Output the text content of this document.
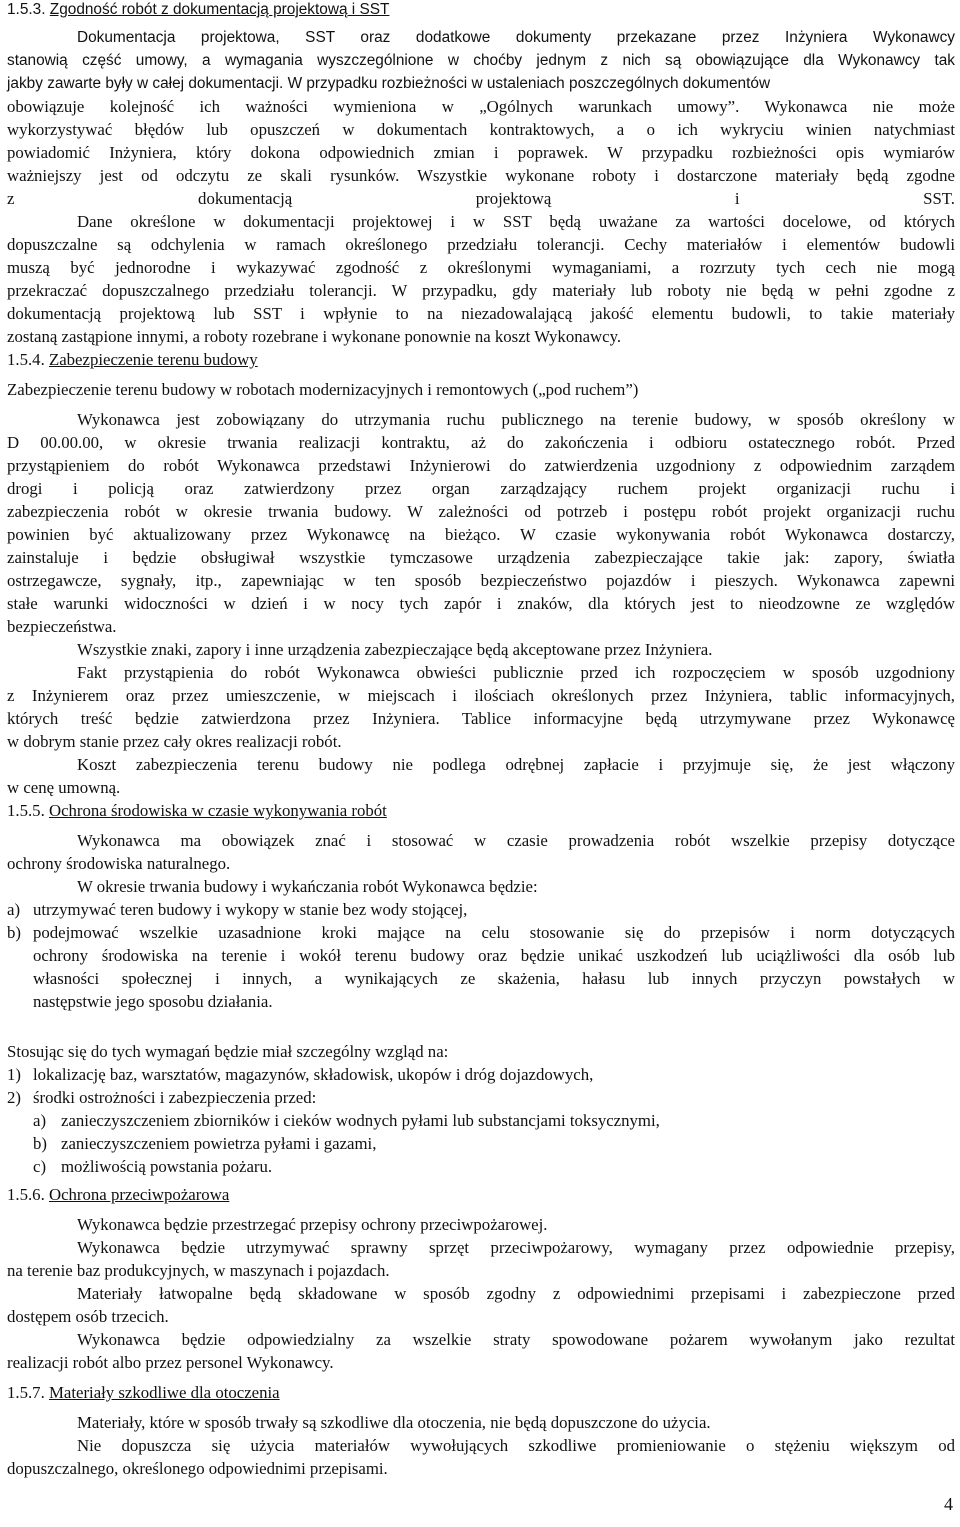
1.5.3. Zgodność robót z dokumentacją projektową i SST
Dokumentacja projektowa, SST oraz dodatkowe dokumenty przekazane przez Inżyniera Wykonawcy
stanowią część umowy, a wymagania wyszczególnione w choćby jednym z nich są obowiązujące dla Wykonawcy tak
jakby zawarte były w całej dokumentacji. W przypadku rozbieżności w ustaleniach poszczególnych dokumentów
obowiązuje kolejność ich ważności wymieniona w „Ogólnych warunkach umowy”. Wykonawca nie może
wykorzystywać błędów lub opuszczeń w dokumentach kontraktowych, a o ich wykryciu winien natychmiast
powiadomić Inżyniera, który dokona odpowiednich zmian i poprawek. W przypadku rozbieżności opis wymiarów
ważniejszy jest od odczytu ze skali rysunków. Wszystkie wykonane roboty i dostarczone materiały będą zgodne
z dokumentacją projektową i SST.
Dane określone w dokumentacji projektowej i w SST będą uważane za wartości docelowe, od których
dopuszczalne są odchylenia w ramach określonego przedziału tolerancji. Cechy materiałów i elementów budowli
muszą być jednorodne i wykazywać zgodność z określonymi wymaganiami, a rozrzuty tych cech nie mogą
przekraczać dopuszczalnego przedziału tolerancji. W przypadku, gdy materiały lub roboty nie będą w pełni zgodne z
dokumentacją projektową lub SST i wpłynie to na niezadowalającą jakość elementu budowli, to takie materiały
zostaną zastąpione innymi, a roboty rozebrane i wykonane ponownie na koszt Wykonawcy.
1.5.4. Zabezpieczenie terenu budowy
Zabezpieczenie terenu budowy w robotach modernizacyjnych i remontowych („pod ruchem”)
Wykonawca jest zobowiązany do utrzymania ruchu publicznego na terenie budowy, w sposób określony w
D 00.00.00, w okresie trwania realizacji kontraktu, aż do zakończenia i odbioru ostatecznego robót. Przed
przystąpieniem do robót Wykonawca przedstawi Inżynierowi do zatwierdzenia uzgodniony z odpowiednim zarządem
drogi i policją oraz zatwierdzony przez organ zarządzający ruchem projekt organizacji ruchu i
zabezpieczenia robót w okresie trwania budowy. W zależności od potrzeb i postępu robót projekt organizacji ruchu
powinien być aktualizowany przez Wykonawcę na bieżąco. W czasie wykonywania robót Wykonawca dostarczy,
zainstaluje i będzie obsługiwał wszystkie tymczasowe urządzenia zabezpieczające takie jak: zapory, światła
ostrzegawcze, sygnały, itp., zapewniając w ten sposób bezpieczeństwo pojazdów i pieszych. Wykonawca zapewni
stałe warunki widoczności w dzień i w nocy tych zapór i znaków, dla których jest to nieodzowne ze względów
bezpieczeństwa.
Wszystkie znaki, zapory i inne urządzenia zabezpieczające będą akceptowane przez Inżyniera.
Fakt przystąpienia do robót Wykonawca obwieści publicznie przed ich rozpoczęciem w sposób uzgodniony
z Inżynierem oraz przez umieszczenie, w miejscach i ilościach określonych przez Inżyniera, tablic informacyjnych,
których treść będzie zatwierdzona przez Inżyniera. Tablice informacyjne będą utrzymywane przez Wykonawcę
w dobrym stanie przez cały okres realizacji robót.
Koszt zabezpieczenia terenu budowy nie podlega odrębnej zapłacie i przyjmuje się, że jest włączony
w cenę umowną.
1.5.5. Ochrona środowiska w czasie wykonywania robót
Wykonawca ma obowiązek znać i stosować w czasie prowadzenia robót wszelkie przepisy dotyczące
ochrony środowiska naturalnego.
W okresie trwania budowy i wykańczania robót Wykonawca będzie:
a) utrzymywać teren budowy i wykopy w stanie bez wody stojącej,
b) podejmować wszelkie uzasadnione kroki mające na celu stosowanie się do przepisów i norm dotyczących
ochrony środowiska na terenie i wokół terenu budowy oraz będzie unikać uszkodzeń lub uciążliwości dla osób lub
własności społecznej i innych, a wynikających ze skażenia, hałasu lub innych przyczyn powstałych w
następstwie jego sposobu działania.
Stosując się do tych wymagań będzie miał szczególny wzgląd na:
1) lokalizację baz, warsztatów, magazynów, składowisk, ukopów i dróg dojazdowych,
2) środki ostrożności i zabezpieczenia przed:
a) zanieczyszczeniem zbiorników i cieków wodnych pyłami lub substancjami toksycznymi,
b) zanieczyszczeniem powietrza pyłami i gazami,
c) możliwością powstania pożaru.
1.5.6. Ochrona przeciwpożarowa
Wykonawca będzie przestrzegać przepisy ochrony przeciwpożarowej.
Wykonawca będzie utrzymywać sprawny sprzęt przeciwpożarowy, wymagany przez odpowiednie przepisy,
na terenie baz produkcyjnych, w maszynach i pojazdach.
Materiały łatwopalne będą składowane w sposób zgodny z odpowiednimi przepisami i zabezpieczone przed
dostępem osób trzecich.
Wykonawca będzie odpowiedzialny za wszelkie straty spowodowane pożarem wywołanym jako rezultat
realizacji robót albo przez personel Wykonawcy.
1.5.7. Materiały szkodliwe dla otoczenia
Materiały, które w sposób trwały są szkodliwe dla otoczenia, nie będą dopuszczone do użycia.
Nie dopuszcza się użycia materiałów wywołujących szkodliwe promieniowanie o stężeniu większym od
dopuszczalnego, określonego odpowiednimi przepisami.
4
